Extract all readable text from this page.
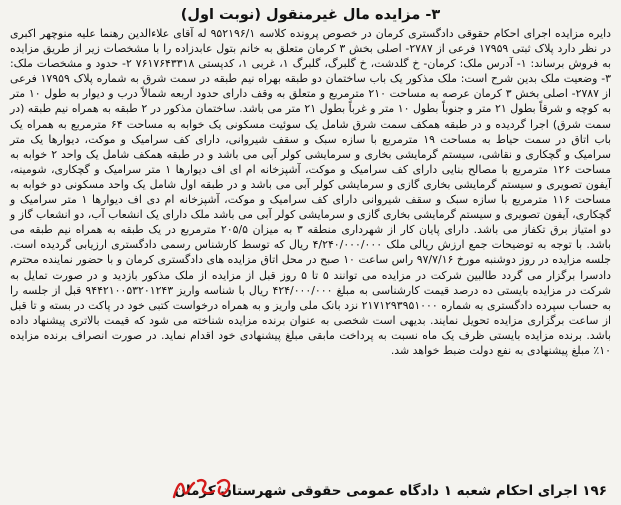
۳- مزایده مال غیرمنقول (نوبت اول)

دایره مزایده اجرای احکام حقوقی دادگستری کرمان در خصوص پرونده کلاسه ۹۵۲۱۹۶/۱ له آقای علاءالدین رهنما علیه منوچهر اکبری در نظر دارد پلاک ثبتی ۱۷۹۵۹ فرعی از ۲۷۸۷- اصلی بخش ۳ کرمان متعلق به خانم بتول عابدزاده را با مشخصات زیر از طریق مزایده به فروش برساند: ۱- آدرس ملک: کرمان- خ گلدشت، خ گلبرگ، گلبرگ ۱، غربی ۱، کدپستی ۷۶۱۷۶۴۳۳۱۸ ۲- حدود و مشخصات ملک: ۳- وضعیت ملک بدین شرح است: ملک مذکور یک باب ساختمان دو طبقه بهراه نیم طبقه در سمت شرق به شماره پلاک ۱۷۹۵۹ فرعی از ۲۷۸۷- اصلی بخش ۳ کرمان عرصه به مساحت ۲۱۰ مترمربع و متعلق به وقف دارای حدود اربعه شمالاً درب و دیوار به طول ۱۰ متر به کوچه و شرقاً بطول ۲۱ متر و جنوباً بطول ۱۰ متر و غرباً بطول ۲۱ متر می باشد. ساختمان مذکور در ۲ طبقه به همراه نیم طبقه (در سمت شرق) اجرا گردیده و در طبقه همکف سمت شرق شامل یک سوئیت مسکونی یک خوابه به مساحت ۶۴ مترمربع به همراه یک باب اتاق در سمت حیاط به مساحت ۱۹ مترمربع با سازه سبک و سقف شیروانی، دارای کف سرامیک و موکت، دیوارها یک متر سرامیک و گچکاری و نقاشی، سیستم گرمایشی بخاری و سرمایشی کولر آبی می باشد و در طبقه همکف شامل یک واحد ۲ خوابه به مساحت ۱۲۶ مترمربع با مصالح بنایی دارای کف سرامیک و موکت، آشپزخانه ام ای اف دیوارها ۱ متر سرامیک و گچکاری، شومینه، آیفون تصویری و سیستم گرمایشی بخاری گازی و سرمایشی کولر آبی می باشد و در طبقه اول شامل یک واحد مسکونی دو خوابه به مساحت ۱۱۶ مترمربع با سازه سبک و سقف شیروانی دارای کف سرامیک و موکت، آشپزخانه ام دی اف دیوارها ۱ متر سرامیک و گچکاری، آیفون تصویری و سیستم گرمایشی بخاری گازی و سرمایشی کولر آبی می باشد ملک دارای یک انشعاب آب، دو انشعاب گاز و دو امتیاز برق تکفاز می باشد. دارای پایان کار از شهرداری منطقه ۳ به میزان ۲۰۵/۵ مترمربع در یک طبقه به همراه نیم طبقه می باشد. با توجه به توضیحات جمع ارزش ریالی ملک ۴/۲۴۰/۰۰۰/۰۰۰ ریال که توسط کارشناس رسمی دادگستری ارزیابی گردیده است. جلسه مزایده در روز دوشنبه مورخ ۹۷/۷/۱۶ راس ساعت ۱۰ صبح در محل اتاق مزایده های دادگستری کرمان و با حضور نماینده محترم دادسرا برگزار می گردد طالبین شرکت در مزایده می توانند ۵ تا ۵ روز قبل از مزایده از ملک مذکور بازدید و در صورت تمایل به شرکت در مزایده بایستی ده درصد قیمت کارشناسی به مبلغ ۴۲۴/۰۰۰/۰۰۰ ریال با شناسه واریز ۹۴۴۲۱۰۰۵۳۲۰۱۲۴۳ قبل از جلسه را به حساب سپرده دادگستری به شماره ۲۱۷۱۲۹۳۹۵۱۰۰۰ نزد بانک ملی واریز و به همراه درخواست کتبی خود در پاکت در بسته و تا قبل از ساعت برگزاری مزایده تحویل نمایند. بدیهی است شخصی به عنوان برنده مزایده شناخته می شود که قیمت بالاتری پیشنهاد داده باشد. برنده مزایده بایستی ظرف یک ماه نسبت به پرداخت مابقی مبلغ پیشنهادی خود اقدام نماید. در صورت انصراف برنده مزایده ۱۰٪ مبلغ پیشنهادی به نفع دولت ضبط خواهد شد.

۱۹۶ اجرای احکام شعبه ۱ دادگاه عمومی حقوقی شهرستان کرمان
